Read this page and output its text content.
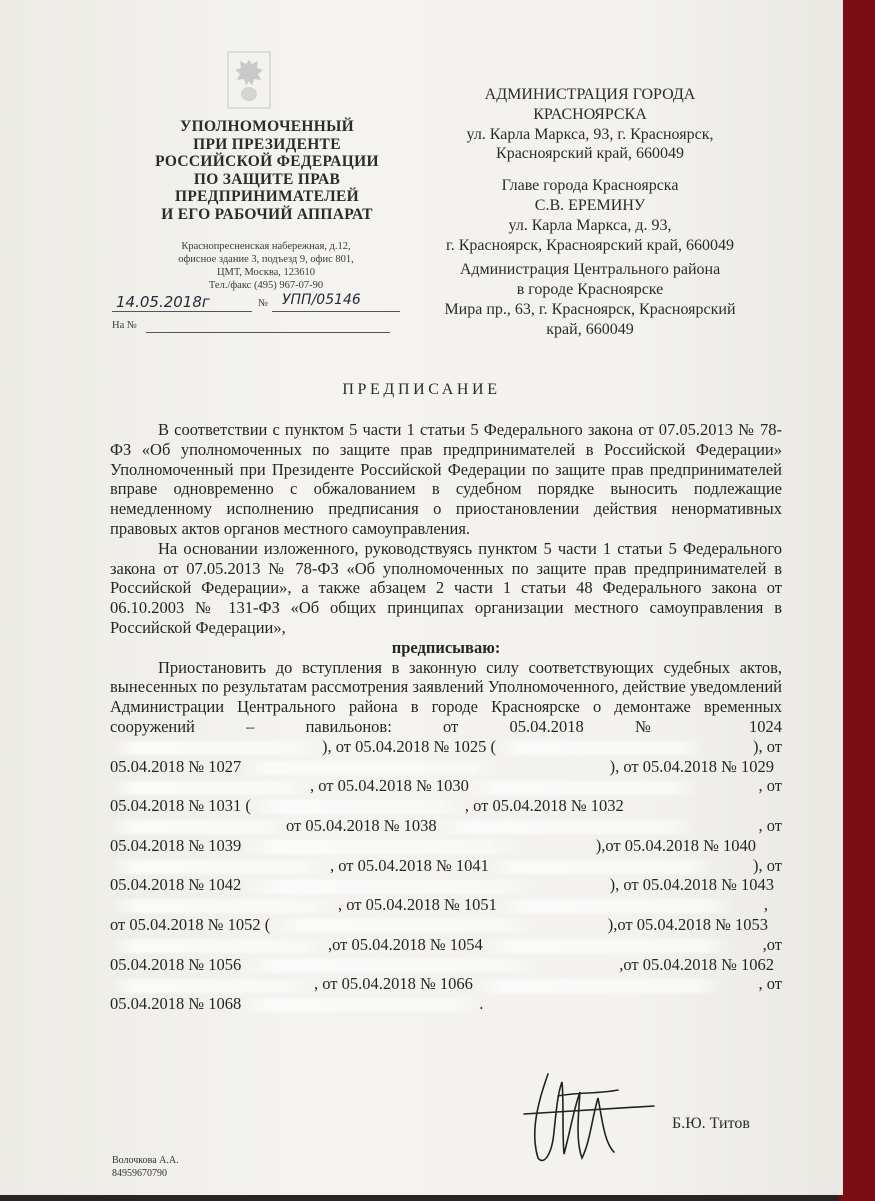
УПОЛНОМОЧЕННЫЙ
ПРИ ПРЕЗИДЕНТЕ
РОССИЙСКОЙ ФЕДЕРАЦИИ
ПО ЗАЩИТЕ ПРАВ
ПРЕДПРИНИМАТЕЛЕЙ
И ЕГО РАБОЧИЙ АППАРАТ
Краснопресненская набережная, д.12,
офисное здание 3, подъезд 9, офис 801,
ЦМТ, Москва, 123610
Тел./факс (495) 967-07-90
14.05.2018г	№ УПП/05146
На №
АДМИНИСТРАЦИЯ ГОРОДА
КРАСНОЯРСКА
ул. Карла Маркса, 93, г. Красноярск,
Красноярский край, 660049
Главе города Красноярска
С.В. ЕРЕМИНУ
ул. Карла Маркса, д. 93,
г. Красноярск, Красноярский край, 660049
Администрация Центрального района
в городе Красноярске
Мира пр., 63, г. Красноярск, Красноярский
край, 660049
ПРЕДПИСАНИЕ
В соответствии с пунктом 5 части 1 статьи 5 Федерального закона от 07.05.2013 № 78-ФЗ «Об уполномоченных по защите прав предпринимателей в Российской Федерации» Уполномоченный при Президенте Российской Федерации по защите прав предпринимателей вправе одновременно с обжалованием в судебном порядке выносить подлежащие немедленному исполнению предписания о приостановлении действия ненормативных правовых актов органов местного самоуправления.
На основании изложенного, руководствуясь пунктом 5 части 1 статьи 5 Федерального закона от 07.05.2013 № 78-ФЗ «Об уполномоченных по защите прав предпринимателей в Российской Федерации», а также абзацем 2 части 1 статьи 48 Федерального закона от 06.10.2003 № 131-ФЗ «Об общих принципах организации местного самоуправления в Российской Федерации»,
предписываю:
Приостановить до вступления в законную силу соответствующих судебных актов, вынесенных по результатам рассмотрения заявлений Уполномоченного, действие уведомлений Администрации Центрального района в городе Красноярске о демонтаже временных сооружений – павильонов: от 05.04.2018 № 1024
), от 05.04.2018 № 1025 (	), от
05.04.2018 № 1027	), от 05.04.2018 № 1029
, от 05.04.2018 № 1030	, от
05.04.2018 № 1031 (	, от 05.04.2018 № 1032
от 05.04.2018 № 1038	, от
05.04.2018 № 1039	),от 05.04.2018 № 1040
, от 05.04.2018 № 1041	), от
05.04.2018 № 1042	), от 05.04.2018 № 1043
, от 05.04.2018 № 1051	,
от 05.04.2018 № 1052 (	),от 05.04.2018 № 1053
,от 05.04.2018 № 1054	,от
05.04.2018 № 1056	,от 05.04.2018 № 1062
, от 05.04.2018 № 1066	, от
05.04.2018 № 1068	.
Б.Ю. Титов
Волочкова А.А.
84959670790
